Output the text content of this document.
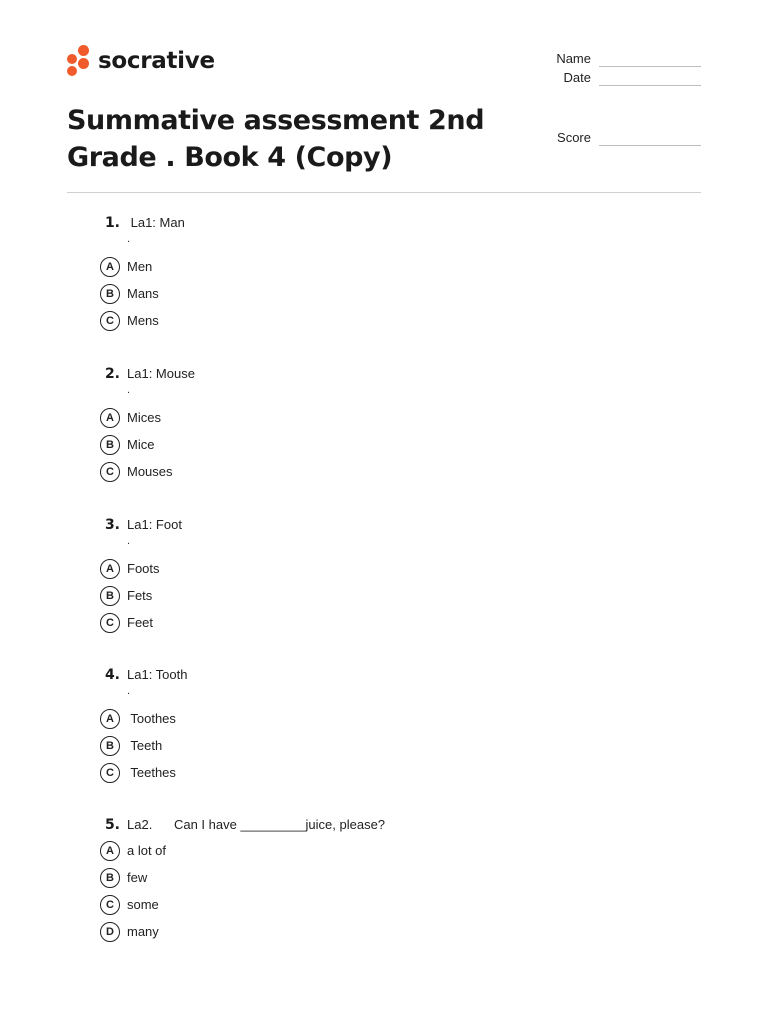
socrative	Name
Date
Summative assessment 2nd Grade . Book 4 (Copy)
Score
1. La1: Man
.
A	Men
B	Mans
C	Mens
2. La1: Mouse
.
A	Mices
B	Mice
C	Mouses
3. La1: Foot
.
A	Foots
B	Fets
C	Feet
4. La1: Tooth
.
A	Toothes
B	Teeth
C	Teethes
5. La2.      Can I have _________juice, please?
A	a lot of
B	few
C	some
D	many
